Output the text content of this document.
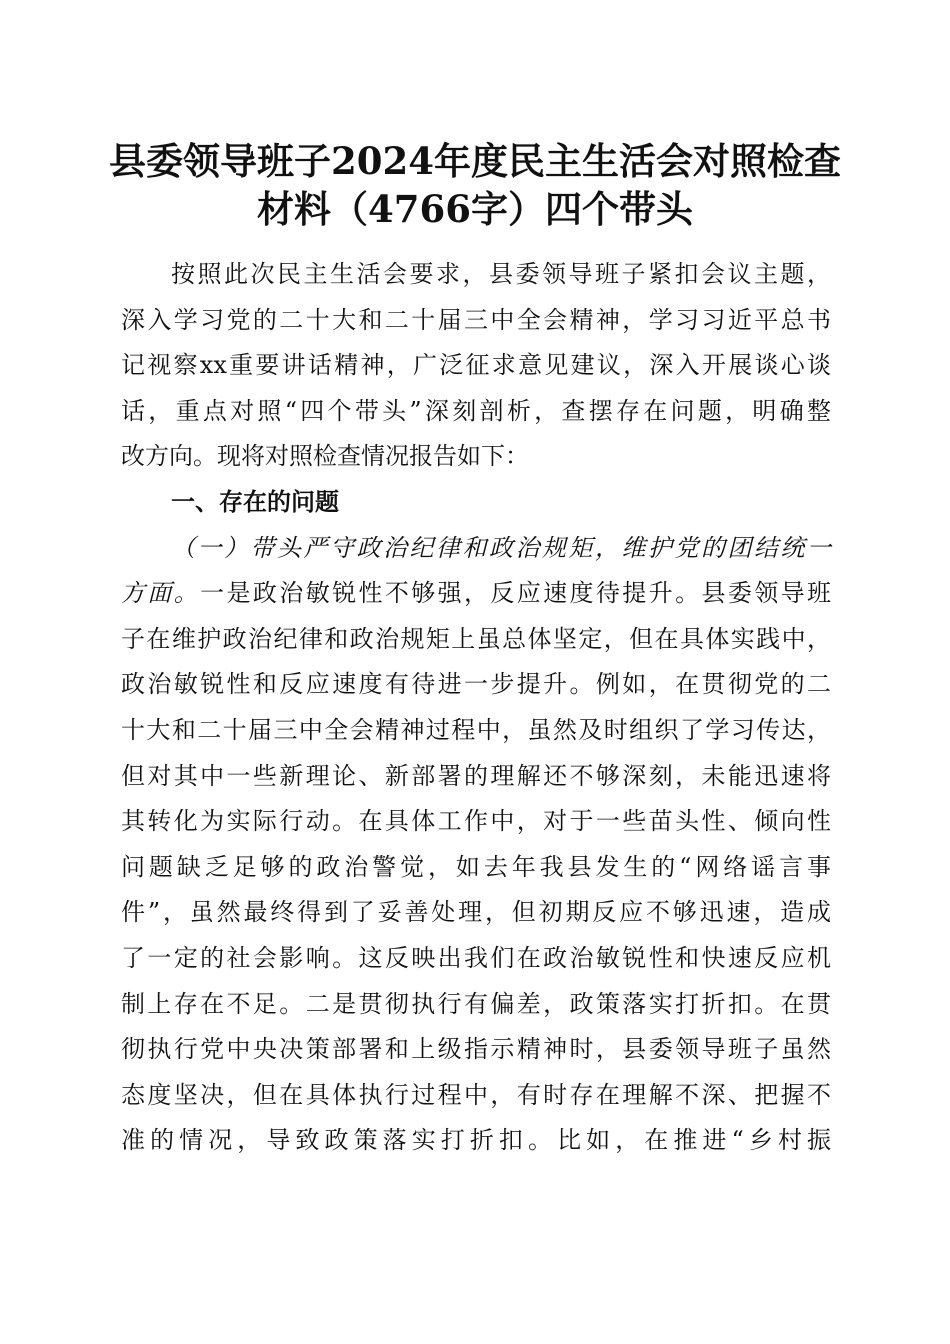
县委领导班子2024年度民主生活会对照检查
材料（4766字）四个带头
按照此次民主生活会要求，县委领导班子紧扣会议主题，
深入学习党的二十大和二十届三中全会精神，学习习近平总书
记视察xx重要讲话精神，广泛征求意见建议，深入开展谈心谈
话，重点对照“四个带头”深刻剖析，查摆存在问题，明确整
改方向。现将对照检查情况报告如下：
一、存在的问题
（一）带头严守政治纪律和政治规矩，维护党的团结统一
方面。一是政治敏锐性不够强，反应速度待提升。县委领导班
子在维护政治纪律和政治规矩上虽总体坚定，但在具体实践中，
政治敏锐性和反应速度有待进一步提升。例如，在贯彻党的二
十大和二十届三中全会精神过程中，虽然及时组织了学习传达，
但对其中一些新理论、新部署的理解还不够深刻，未能迅速将
其转化为实际行动。在具体工作中，对于一些苗头性、倾向性
问题缺乏足够的政治警觉，如去年我县发生的“网络谣言事
件”，虽然最终得到了妥善处理，但初期反应不够迅速，造成
了一定的社会影响。这反映出我们在政治敏锐性和快速反应机
制上存在不足。二是贯彻执行有偏差，政策落实打折扣。在贯
彻执行党中央决策部署和上级指示精神时，县委领导班子虽然
态度坚决，但在具体执行过程中，有时存在理解不深、把握不
准的情况，导致政策落实打折扣。比如，在推进“乡村振
